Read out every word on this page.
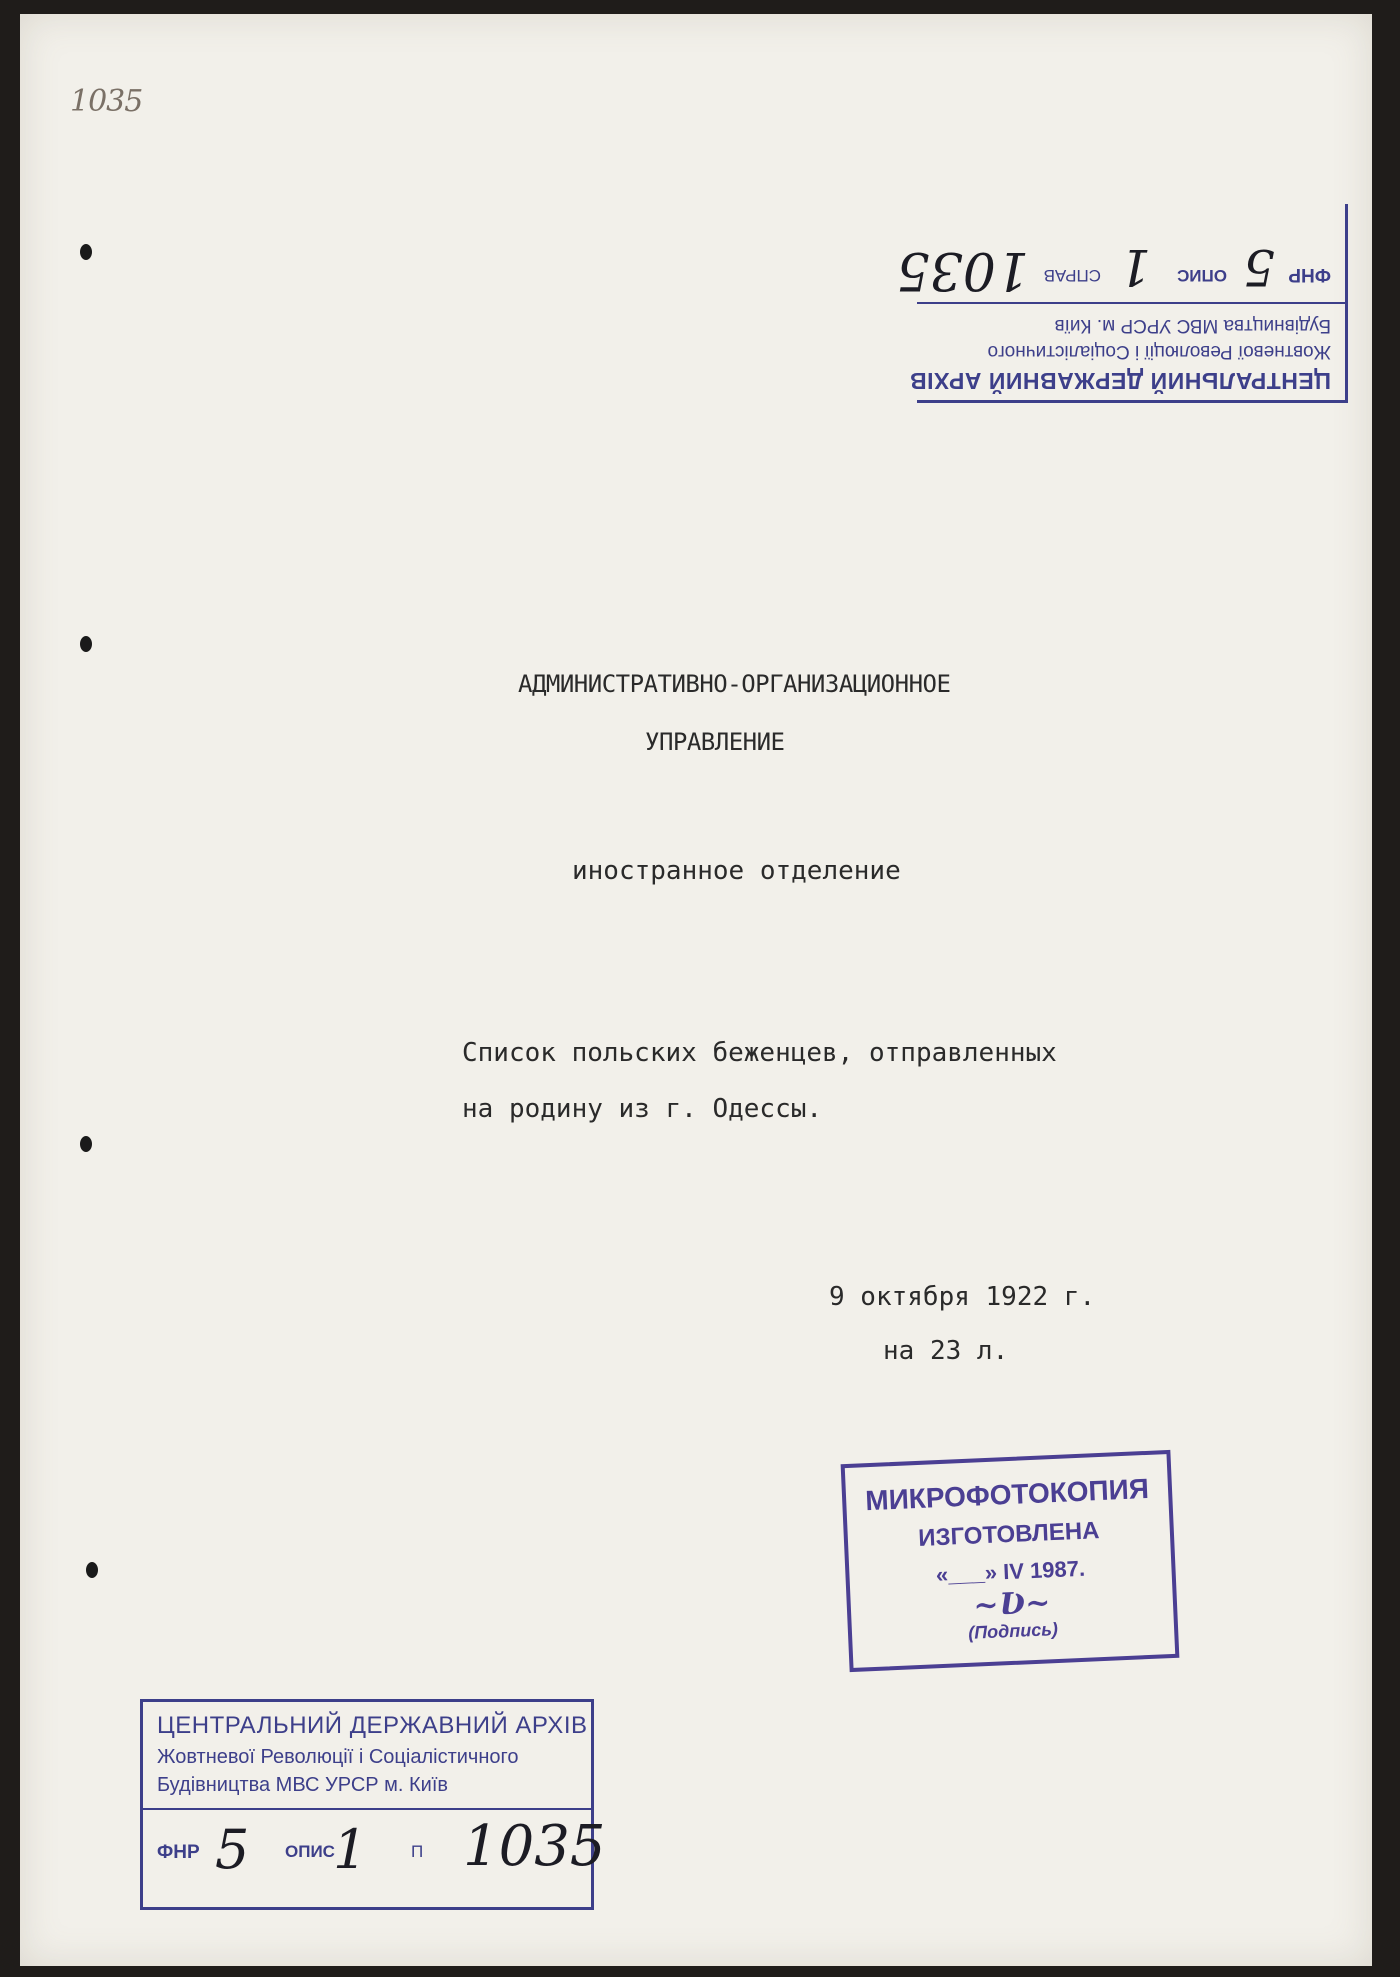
1035
ЦЕНТРАЛЬНИЙ ДЕРЖАВНИЙ АРХІВ
Жовтневої Революції і Соціалістичного
Будівництва МВС УРСР м. Київ
ФНР
5
ОПИС
1
СПРАВ
1035
АДМИНИСТРАТИВНО-ОРГАНИЗАЦИОННОЕ
УПРАВЛЕНИЕ
иностранное отделение
Список польских беженцев, отправленных
на родину из г. Одессы.
9 октября 1922 г.
на 23 л.
МИКРОФОТОКОПИЯ
ИЗГОТОВЛЕНА
«___» IV 1987.
~Ʋ~
(Подпись)
ЦЕНТРАЛЬНИЙ ДЕРЖАВНИЙ АРХІВ
Жовтневої Революції і Соціалістичного
Будівництва МВС УРСР м. Київ
ФНР 5 ОПИС
1	П 1035
